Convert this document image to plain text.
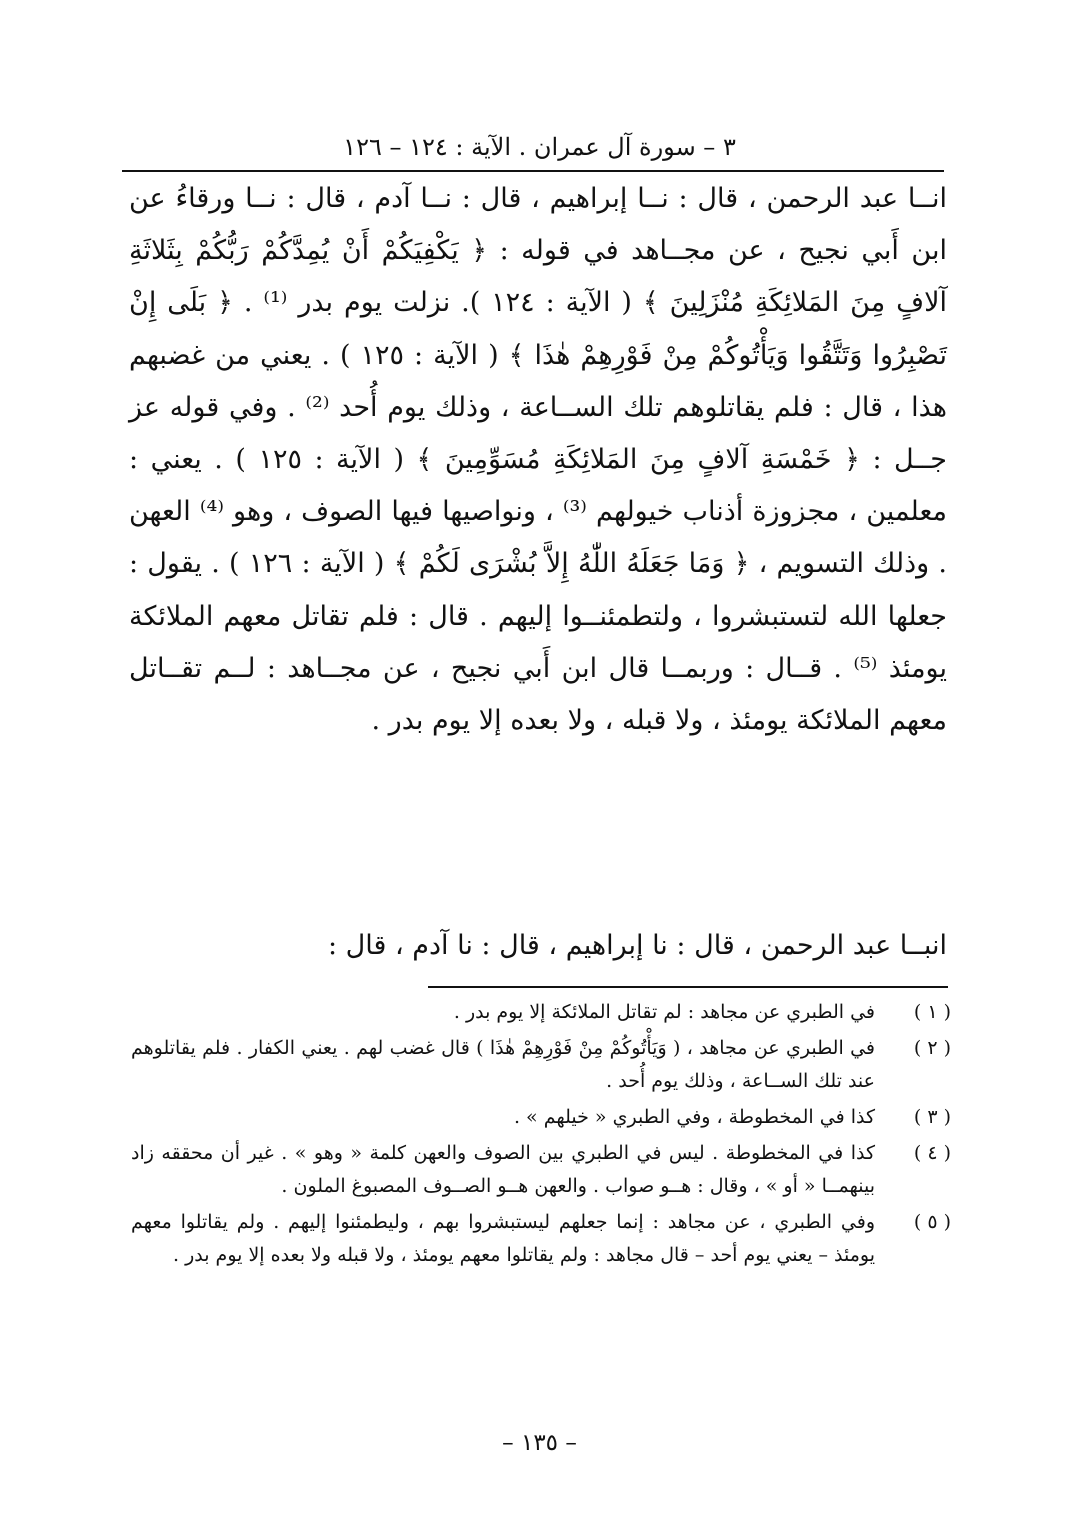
٣ – سورة آل عمران . الآية : ١٢٤ – ١٢٦

انــا عبد الرحمن ، قال : نــا إبراهيم ، قال : نــا آدم ، قال : نــا ورقاءُ عن ابن أَبي نجيح ، عن مجــاهد في قوله : ﴿ يَكْفِيَكُمْ أَنْ يُمِدَّكُمْ رَبُّكُمْ بِثَلاثَةِ آلافٍ مِنَ المَلائِكَةِ مُنْزَلِينَ ﴾ ( الآية : ١٢٤ ). نزلت يوم بدر ⁽¹⁾ . ﴿ بَلَى إِنْ تَصْبِرُوا وَتَتَّقُوا وَيَأْتُوكُمْ مِنْ فَوْرِهِمْ هٰذَا ﴾ ( الآية : ١٢٥ ) . يعني من غضبهم هذا ، قال : فلم يقاتلوهم تلك الســاعة ، وذلك يوم أُحد ⁽²⁾ . وفي قوله عز جــل : ﴿ خَمْسَةِ آلافٍ مِنَ المَلائِكَةِ مُسَوِّمِينَ ﴾ ( الآية : ١٢٥ ) . يعني : معلمين ، مجزوزة أذناب خيولهم ⁽³⁾ ، ونواصيها فيها الصوف ، وهو ⁽⁴⁾ العهن . وذلك التسويم ، ﴿ وَمَا جَعَلَهُ اللّٰهُ إِلاَّ بُشْرَى لَكُمْ ﴾ ( الآية : ١٢٦ ) . يقول : جعلها الله لتستبشروا ، ولتطمئنــوا إليهم . قال : فلم تقاتل معهم الملائكة يومئذ ⁽⁵⁾ . قــال : وربمــا قال ابن أَبي نجيح ، عن مجــاهد : لــم تقــاتل معهم الملائكة يومئذ ، ولا قبله ، ولا بعده إلا يوم بدر .

انبــا عبد الرحمن ، قال : نا إبراهيم ، قال : نا آدم ، قال :

( ١ )
في الطبري عن مجاهد : لم تقاتل الملائكة إلا يوم بدر .
( ٢ )
في الطبري عن مجاهد ، ( وَيَأْتُوكُمْ مِنْ فَوْرِهِمْ هٰذَا ) قال غضب لهم . يعني الكفار . فلم يقاتلوهم عند تلك الســاعة ، وذلك يوم أُحد .
( ٣ )
كذا في المخطوطة ، وفي الطبري « خيلهم » .
( ٤ )
كذا في المخطوطة . ليس في الطبري بين الصوف والعهن كلمة « وهو » . غير أن محققه زاد بينهمــا « أو » ، وقال : هــو صواب . والعهن هــو الصــوف المصبوغ الملون .
( ٥ )
وفي الطبري ، عن مجاهد : إنما جعلهم ليستبشروا بهم ، وليطمئنوا إليهم . ولم يقاتلوا معهم يومئذ – يعني يوم أحد – قال مجاهد : ولم يقاتلوا معهم يومئذ ، ولا قبله ولا بعده إلا يوم بدر .
– ١٣٥ –
